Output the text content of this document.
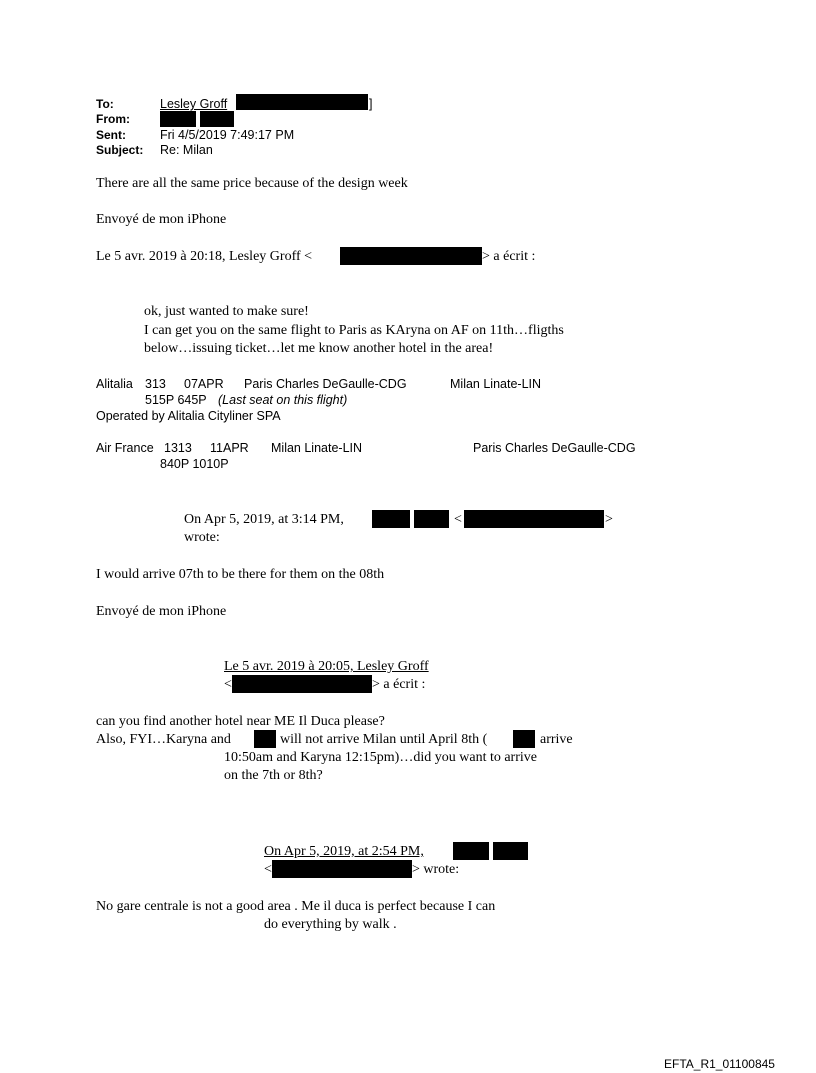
To:	Lesley Groff	]
From:
Sent:	Fri 4/5/2019 7:49:17 PM
Subject: Re: Milan
There are all the same price because of the design week
Envoyé de mon iPhone
Le 5 avr. 2019 à 20:18, Lesley Groff <	> a écrit :
ok, just wanted to make sure!
I can get you on the same flight to Paris as KAryna on AF on 11th…fligths
below…issuing ticket…let me know another hotel in the area!
Alitalia 313 07APR Paris Charles DeGaulle-CDG	Milan Linate-LIN
515P 645P (Last seat on this flight)
Operated by Alitalia Cityliner SPA
Air France 1313 11APR Milan Linate-LIN	Paris Charles DeGaulle-CDG
840P 1010P
On Apr 5, 2019, at 3:14 PM,	<	>
wrote:
I would arrive 07th to be there for them on the 08th
Envoyé de mon iPhone
Le 5 avr. 2019 à 20:05, Lesley Groff
<	> a écrit :
can you find another hotel near ME Il Duca please?
Also, FYI…Karyna and	will not arrive Milan until April 8th (	arrive
10:50am and Karyna 12:15pm)…did you want to arrive
on the 7th or 8th?
On Apr 5, 2019, at 2:54 PM,
<	> wrote:
No gare centrale is not a good area . Me il duca is perfect because I can
do everything by walk .
EFTA_R1_01100845
